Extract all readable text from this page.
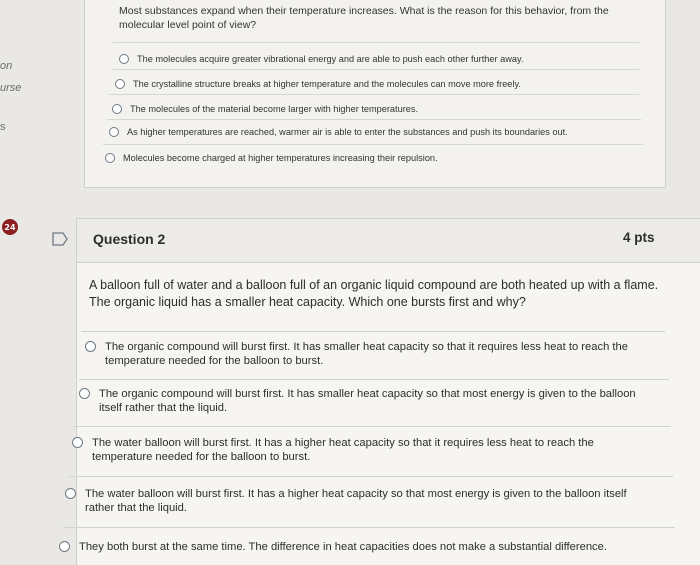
on
urse
s
24
Most substances expand when their temperature increases. What is the reason for this behavior, from the molecular level point of view?
The molecules acquire greater vibrational energy and are able to push each other further away.
The crystalline structure breaks at higher temperature and the molecules can move more freely.
The molecules of the material become larger with higher temperatures.
As higher temperatures are reached, warmer air is able to enter the substances and push its boundaries out.
Molecules become charged at higher temperatures increasing their repulsion.
Question 2	4 pts
A balloon full of water and a balloon full of an organic liquid compound are both heated up with a flame. The organic liquid has a smaller heat capacity. Which one bursts first and why?
The organic compound will burst first. It has smaller heat capacity so that it requires less heat to reach the temperature needed for the balloon to burst.
The organic compound will burst first. It has smaller heat capacity so that most energy is given to the balloon itself rather that the liquid.
The water balloon will burst first. It has a higher heat capacity so that it requires less heat to reach the temperature needed for the balloon to burst.
The water balloon will burst first. It has a higher heat capacity so that most energy is given to the balloon itself rather that the liquid.
They both burst at the same time. The difference in heat capacities does not make a substantial difference.
